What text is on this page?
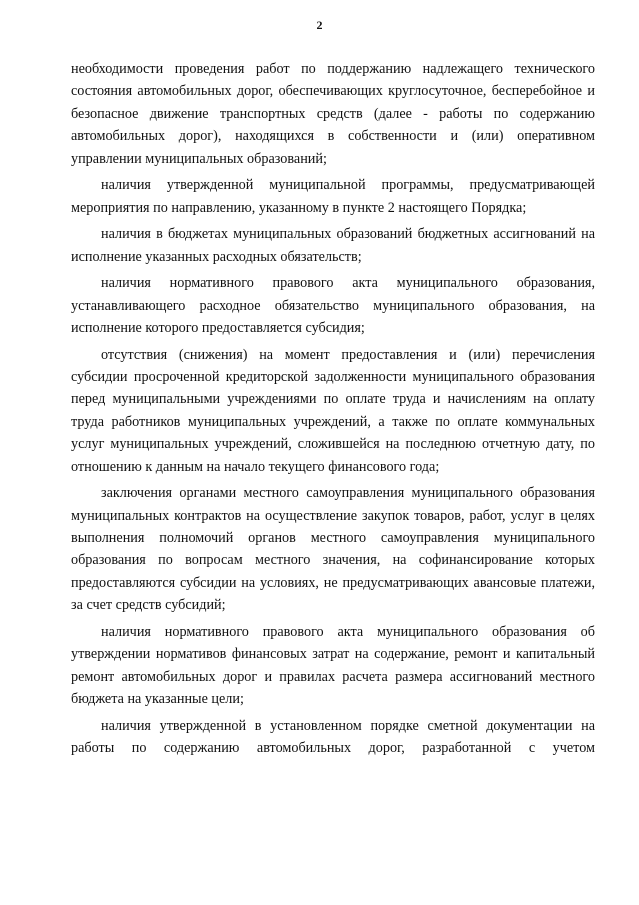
2

необходимости проведения работ по поддержанию надлежащего технического состояния автомобильных дорог, обеспечивающих круглосуточное, бесперебойное и безопасное движение транспортных средств (далее - работы по содержанию автомобильных дорог), находящихся в собственности и (или) оперативном управлении муниципальных образований;

наличия утвержденной муниципальной программы, предусматривающей мероприятия по направлению, указанному в пункте 2 настоящего Порядка;

наличия в бюджетах муниципальных образований бюджетных ассигнований на исполнение указанных расходных обязательств;

наличия нормативного правового акта муниципального образования, устанавливающего расходное обязательство муниципального образования, на исполнение которого предоставляется субсидия;

отсутствия (снижения) на момент предоставления и (или) перечисления субсидии просроченной кредиторской задолженности муниципального образования перед муниципальными учреждениями по оплате труда и начислениям на оплату труда работников муниципальных учреждений, а также по оплате коммунальных услуг муниципальных учреждений, сложившейся на последнюю отчетную дату, по отношению к данным на начало текущего финансового года;

заключения органами местного самоуправления муниципального образования муниципальных контрактов на осуществление закупок товаров, работ, услуг в целях выполнения полномочий органов местного самоуправления муниципального образования по вопросам местного значения, на софинансирование которых предоставляются субсидии на условиях, не предусматривающих авансовые платежи, за счет средств субсидий;

наличия нормативного правового акта муниципального образования об утверждении нормативов финансовых затрат на содержание, ремонт и капитальный ремонт автомобильных дорог и правилах расчета размера ассигнований местного бюджета на указанные цели;

наличия утвержденной в установленном порядке сметной документации на работы по содержанию автомобильных дорог, разработанной с учетом
